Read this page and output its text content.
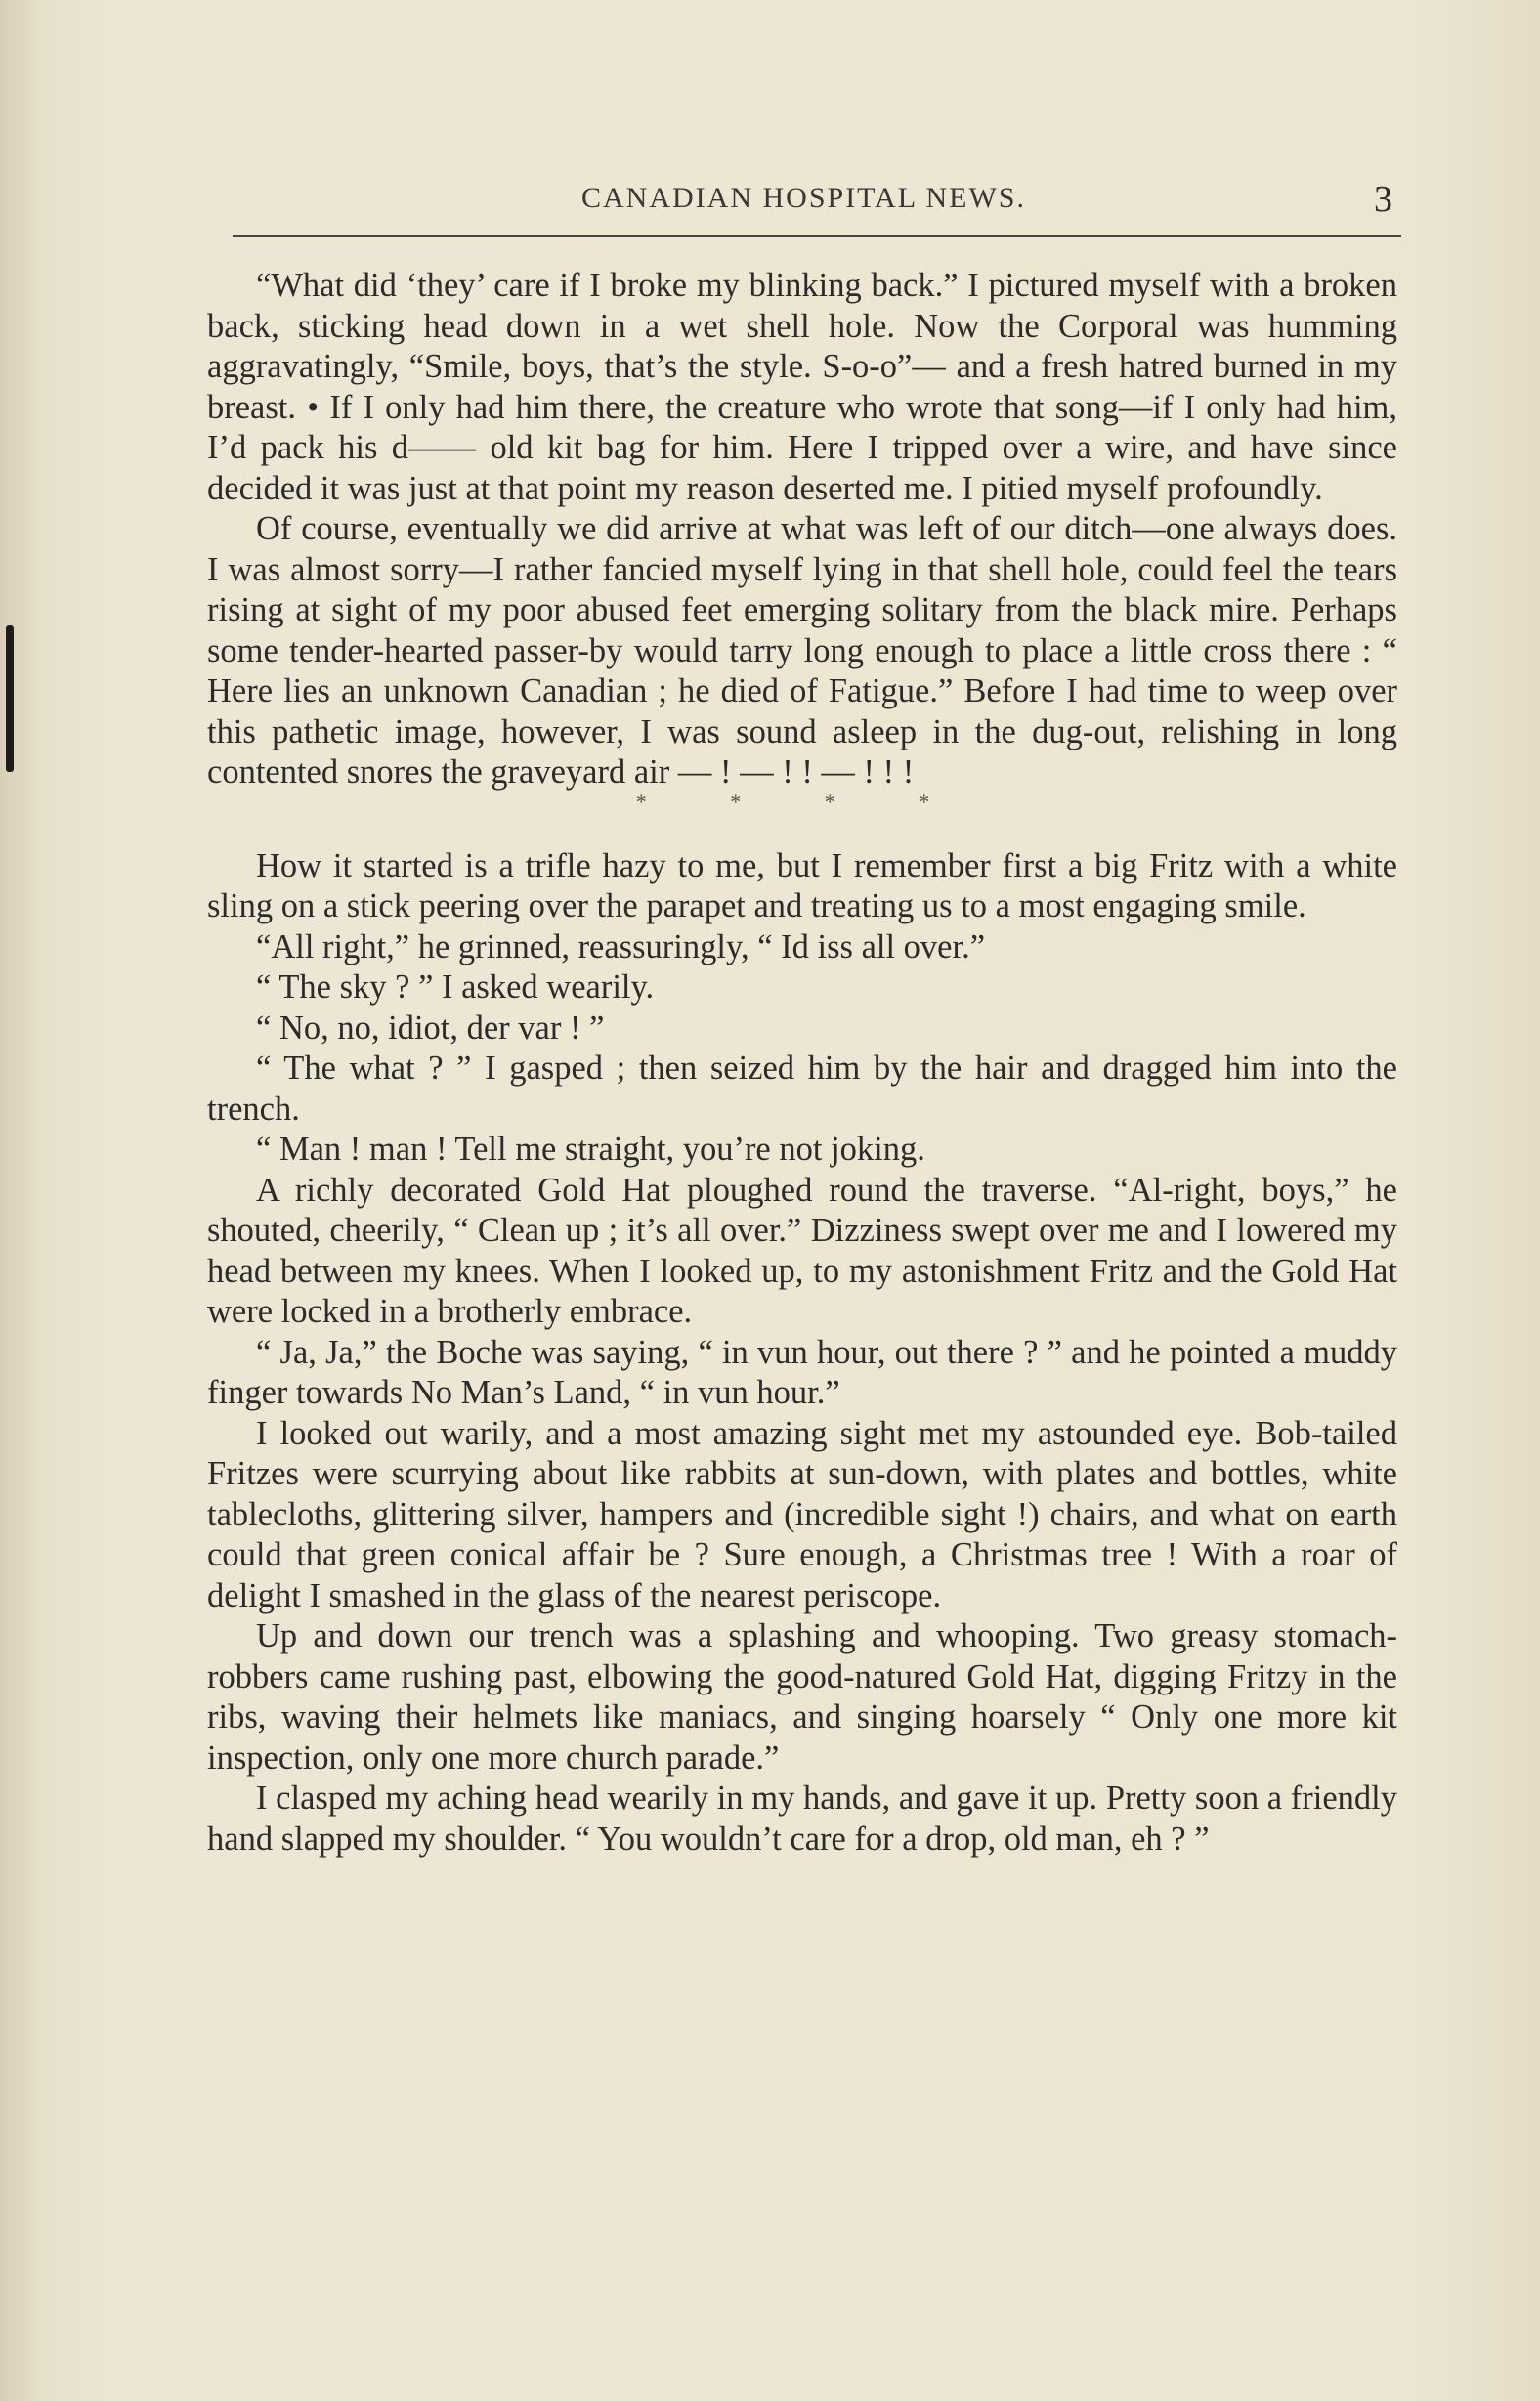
CANADIAN HOSPITAL NEWS.	3

“What did ‘they’ care if I broke my blinking back.” I pictured myself with a broken back, sticking head down in a wet shell hole. Now the Corporal was humming aggravatingly, “Smile, boys, that’s the style. S-o-o”— and a fresh hatred burned in my breast. • If I only had him there, the creature who wrote that song—if I only had him, I’d pack his d—— old kit bag for him. Here I tripped over a wire, and have since decided it was just at that point my reason deserted me. I pitied myself profoundly.

Of course, eventually we did arrive at what was left of our ditch—one always does. I was almost sorry—I rather fancied myself lying in that shell hole, could feel the tears rising at sight of my poor abused feet emerging solitary from the black mire. Perhaps some tender-hearted passer-by would tarry long enough to place a little cross there : “ Here lies an unknown Canadian ; he died of Fatigue.” Before I had time to weep over this pathetic image, however, I was sound asleep in the dug-out, relishing in long contented snores the graveyard air — ! — ! ! — ! ! !

* * * *

How it started is a trifle hazy to me, but I remember first a big Fritz with a white sling on a stick peering over the parapet and treating us to a most engaging smile.

“All right,” he grinned, reassuringly, “ Id iss all over.”

“ The sky ? ” I asked wearily.

“ No, no, idiot, der var ! ”

“ The what ? ” I gasped ; then seized him by the hair and dragged him into the trench.

“ Man ! man ! Tell me straight, you’re not joking.

A richly decorated Gold Hat ploughed round the traverse. “Al-right, boys,” he shouted, cheerily, “ Clean up ; it’s all over.” Dizziness swept over me and I lowered my head between my knees. When I looked up, to my astonishment Fritz and the Gold Hat were locked in a brotherly embrace.

“ Ja, Ja,” the Boche was saying, “ in vun hour, out there ? ” and he pointed a muddy finger towards No Man’s Land, “ in vun hour.”

I looked out warily, and a most amazing sight met my astounded eye. Bob-tailed Fritzes were scurrying about like rabbits at sun-down, with plates and bottles, white tablecloths, glittering silver, hampers and (incredible sight !) chairs, and what on earth could that green conical affair be ? Sure enough, a Christmas tree ! With a roar of delight I smashed in the glass of the nearest periscope.

Up and down our trench was a splashing and whooping. Two greasy stomach-robbers came rushing past, elbowing the good-natured Gold Hat, digging Fritzy in the ribs, waving their helmets like maniacs, and singing hoarsely “ Only one more kit inspection, only one more church parade.”

I clasped my aching head wearily in my hands, and gave it up. Pretty soon a friendly hand slapped my shoulder. “ You wouldn’t care for a drop, old man, eh ? ”
